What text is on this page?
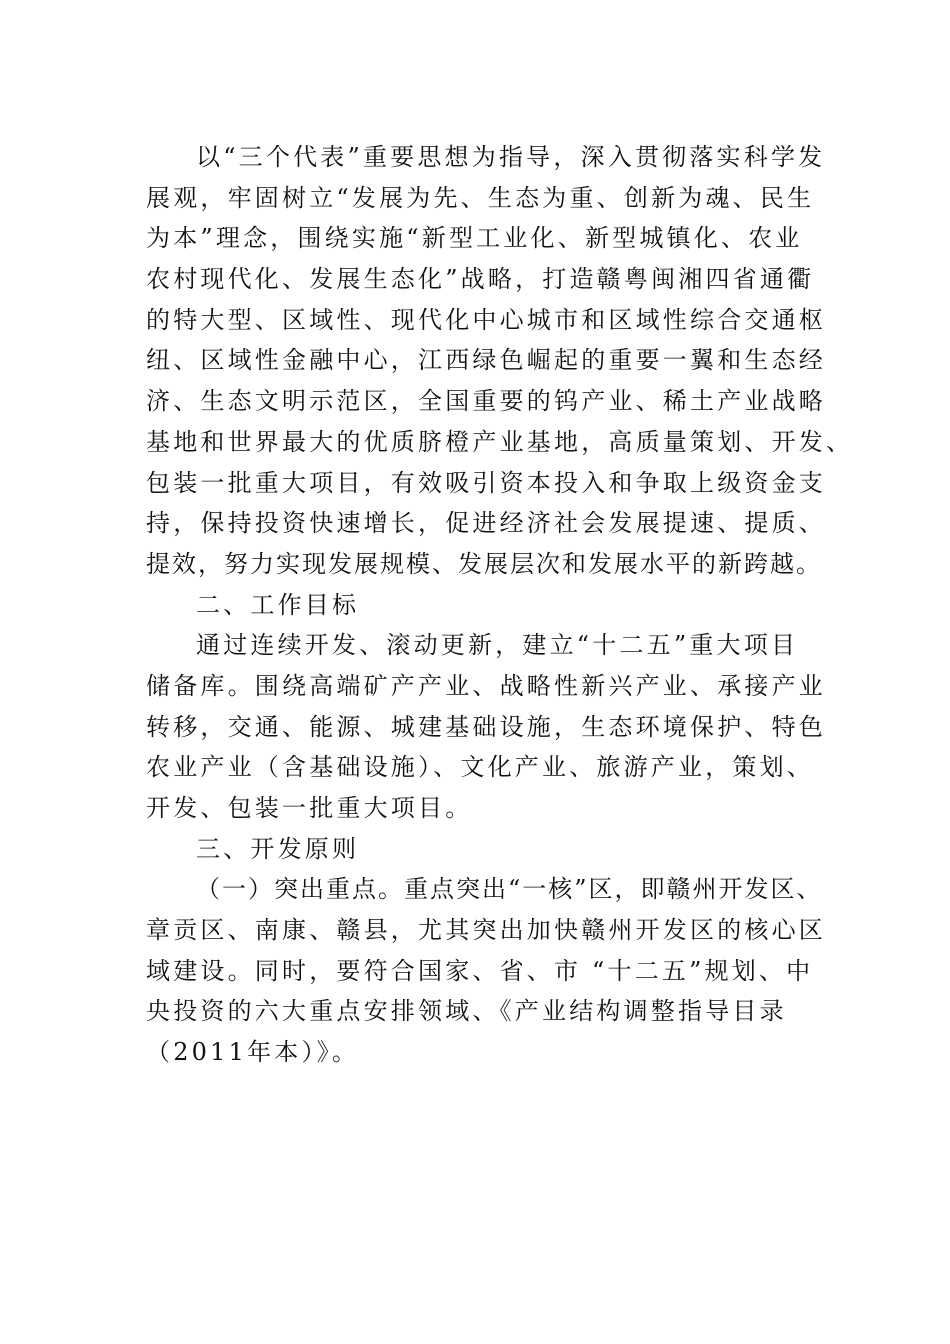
以“三个代表”重要思想为指导，深入贯彻落实科学发
展观，牢固树立“发展为先、生态为重、创新为魂、民生
为本”理念，围绕实施“新型工业化、新型城镇化、农业
农村现代化、发展生态化”战略，打造赣粤闽湘四省通衢
的特大型、区域性、现代化中心城市和区域性综合交通枢
纽、区域性金融中心，江西绿色崛起的重要一翼和生态经
济、生态文明示范区，全国重要的钨产业、稀土产业战略
基地和世界最大的优质脐橙产业基地，高质量策划、开发、
包装一批重大项目，有效吸引资本投入和争取上级资金支
持，保持投资快速增长，促进经济社会发展提速、提质、
提效，努力实现发展规模、发展层次和发展水平的新跨越。
二、工作目标
通过连续开发、滚动更新，建立“十二五”重大项目
储备库。围绕高端矿产产业、战略性新兴产业、承接产业
转移，交通、能源、城建基础设施，生态环境保护、特色
农业产业（含基础设施）、文化产业、旅游产业，策划、
开发、包装一批重大项目。
三、开发原则
（一）突出重点。重点突出“一核”区，即赣州开发区、
章贡区、南康、赣县，尤其突出加快赣州开发区的核心区
域建设。同时，要符合国家、省、市 “十二五”规划、中
央投资的六大重点安排领域、《产业结构调整指导目录
（2011年本）》。
